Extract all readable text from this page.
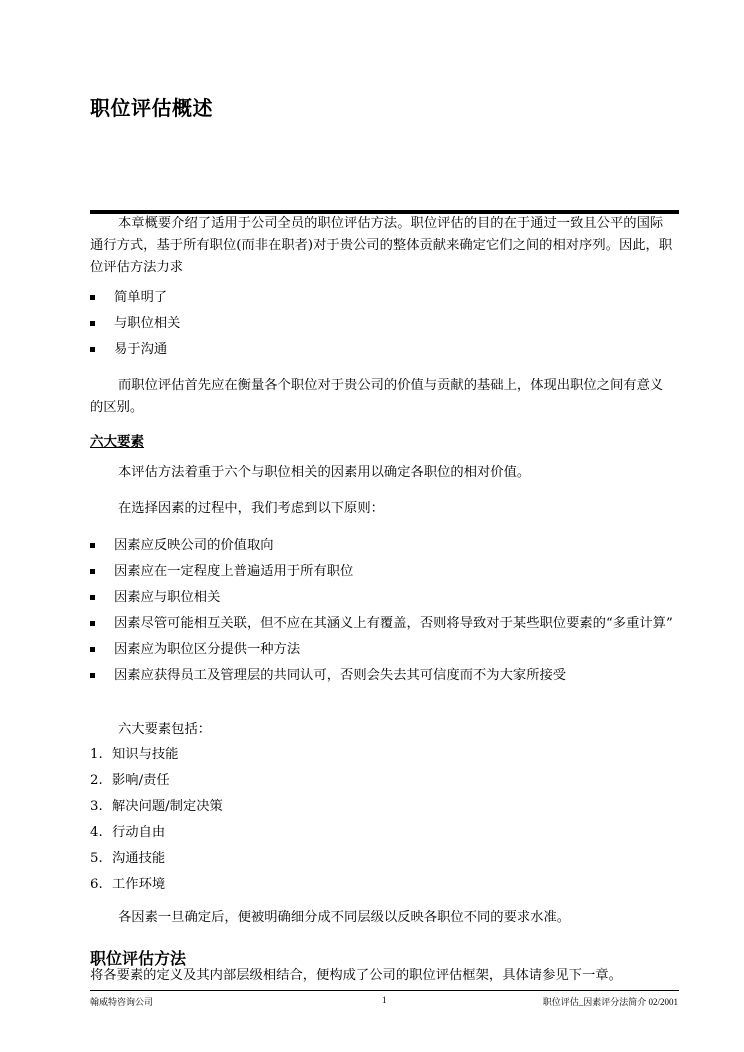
职位评估概述
本章概要介绍了适用于公司全员的职位评估方法。职位评估的目的在于通过一致且公平的国际通行方式，基于所有职位(而非在职者)对于贵公司的整体贡献来确定它们之间的相对序列。因此，职位评估方法力求
简单明了
与职位相关
易于沟通
而职位评估首先应在衡量各个职位对于贵公司的价值与贡献的基础上，体现出职位之间有意义的区别。
六大要素
本评估方法着重于六个与职位相关的因素用以确定各职位的相对价值。
在选择因素的过程中，我们考虑到以下原则：
因素应反映公司的价值取向
因素应在一定程度上普遍适用于所有职位
因素应与职位相关
因素尽管可能相互关联，但不应在其涵义上有覆盖，否则将导致对于某些职位要素的“多重计算”
因素应为职位区分提供一种方法
因素应获得员工及管理层的共同认可，否则会失去其可信度而不为大家所接受
六大要素包括：
1. 知识与技能
2. 影响/责任
3. 解决问题/制定决策
4. 行动自由
5. 沟通技能
6. 工作环境
各因素一旦确定后，便被明确细分成不同层级以反映各职位不同的要求水准。
职位评估方法
将各要素的定义及其内部层级相结合，便构成了公司的职位评估框架，具体请参见下一章。
翰威特咨询公司	1	职位评估_因素评分法简介 02/2001
